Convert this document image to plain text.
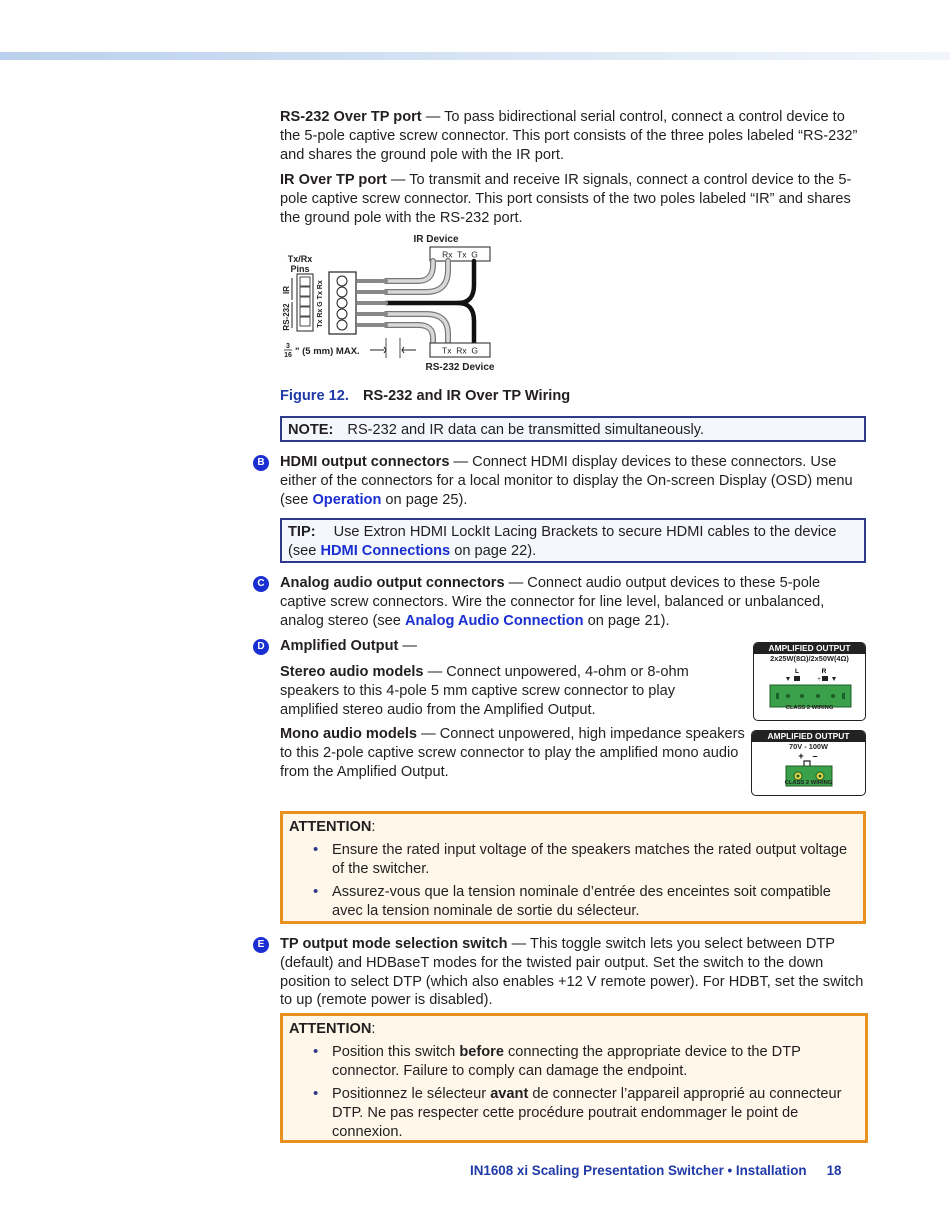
RS-232 Over TP port — To pass bidirectional serial control, connect a control device to the 5-pole captive screw connector. This port consists of the three poles labeled “RS-232” and shares the ground pole with the IR port.

IR Over TP port — To transmit and receive IR signals, connect a control device to the 5-pole captive screw connector. This port consists of the two poles labeled “IR” and shares the ground pole with the RS-232 port.

IR Device
Rx  Tx  G
Tx/Rx
Pins
IR
RS-232	Tx Rx G Tx Rx
Tx  Rx  G
RS-232 Device
3
16 " (5 mm) MAX.
Figure 12. RS-232 and IR Over TP Wiring
NOTE: RS-232 and IR data can be transmitted simultaneously.
B	HDMI output connectors — Connect HDMI display devices to these connectors. Use either of the connectors for a local monitor to display the On-screen Display (OSD) menu (see Operation on page 25).

TIP: Use Extron HDMI LockIt Lacing Brackets to secure HDMI cables to the device (see HDMI Connections on page 22).
C	Analog audio output connectors — Connect audio output devices to these 5-pole captive screw connectors. Wire the connector for line level, balanced or unbalanced, analog stereo (see Analog Audio Connection on page 21).

D	Amplified Output —

Stereo audio models — Connect unpowered, 4-ohm or 8-ohm speakers to this 4-pole 5 mm captive screw connector to play amplified stereo audio from the Amplified Output.

Mono audio models — Connect unpowered, high impedance speakers to this 2-pole captive screw connector to play the amplified mono audio from the Amplified Output.

AMPLIFIED OUTPUT
2x25W(8Ω)/2x50W(4Ω)
L	R
+
CLASS 2 WIRING
AMPLIFIED OUTPUT
70V - 100W
+ –
CLASS 2 WIRING
ATTENTION:
• Ensure the rated input voltage of the speakers matches the rated output voltage of the switcher.
• Assurez-vous que la tension nominale d’entrée des enceintes soit compatible avec la tension nominale de sortie du sélecteur.
E	TP output mode selection switch — This toggle switch lets you select between DTP (default) and HDBaseT modes for the twisted pair output. Set the switch to the down position to select DTP (which also enables +12 V remote power). For HDBT, set the switch to up (remote power is disabled).

ATTENTION:
• Position this switch before connecting the appropriate device to the DTP connector. Failure to comply can damage the endpoint.
• Positionnez le sélecteur avant de connecter l’appareil approprié au connecteur DTP. Ne pas respecter cette procédure poutrait endommager le point de connexion.
IN1608 xi Scaling Presentation Switcher • Installation 18
